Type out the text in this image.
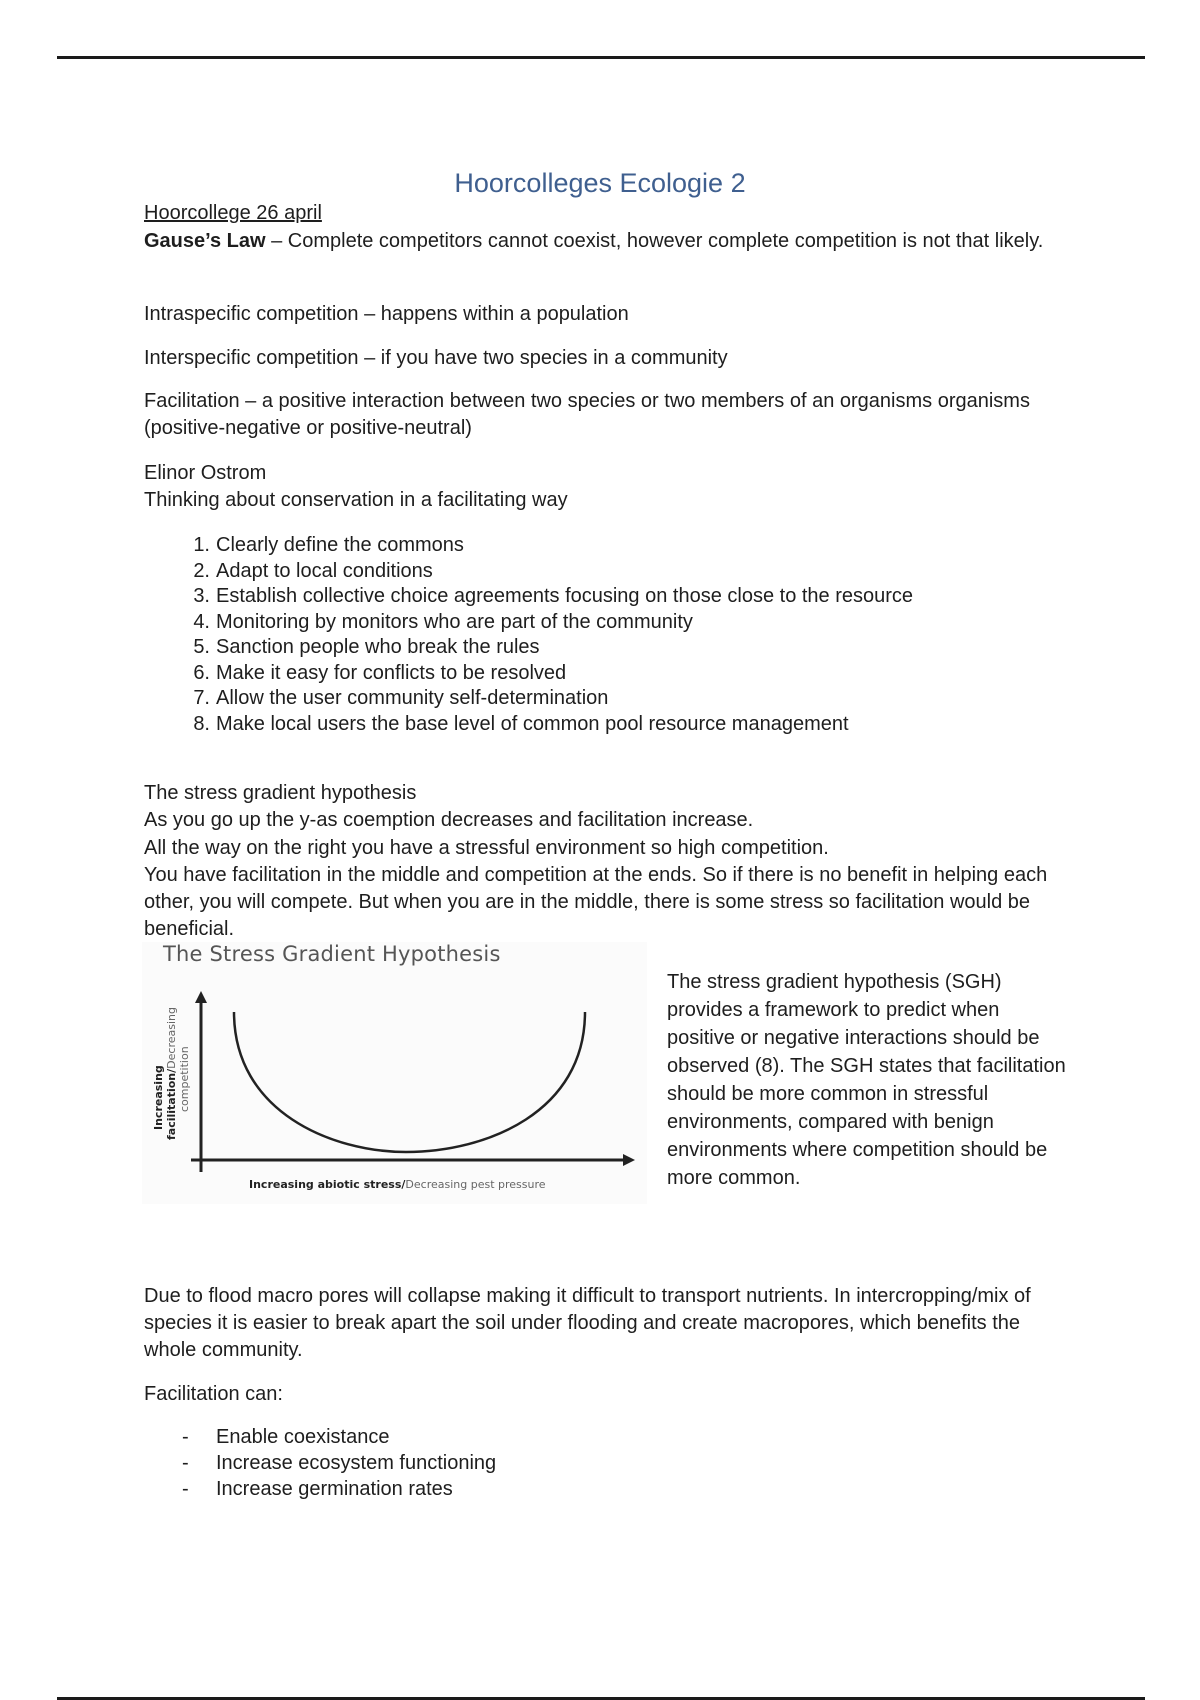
Hoorcolleges Ecologie 2
Hoorcollege 26 april
Gause’s Law – Complete competitors cannot coexist, however complete competition is not that likely.
Intraspecific competition – happens within a population
Interspecific competition – if you have two species in a community
Facilitation – a positive interaction between two species or two members of an organisms organisms (positive-negative or positive-neutral)
Elinor Ostrom
Thinking about conservation in a facilitating way
1. Clearly define the commons
2. Adapt to local conditions
3. Establish collective choice agreements focusing on those close to the resource
4. Monitoring by monitors who are part of the community
5. Sanction people who break the rules
6. Make it easy for conflicts to be resolved
7. Allow the user community self-determination
8. Make local users the base level of common pool resource management
The stress gradient hypothesis
As you go up the y-as coemption decreases and facilitation increase.
All the way on the right you have a stressful environment so high competition.
You have facilitation in the middle and competition at the ends. So if there is no benefit in helping each other, you will compete. But when you are in the middle, there is some stress so facilitation would be beneficial.
The Stress Gradient Hypothesis
Increasing abiotic stress/Decreasing pest pressure
Increasing facilitation/Decreasing
competition
The stress gradient hypothesis (SGH) provides a framework to predict when positive or negative interactions should be observed (8). The SGH states that facilitation should be more common in stressful environments, compared with benign environments where competition should be more common.
Due to flood macro pores will collapse making it difficult to transport nutrients. In intercropping/mix of species it is easier to break apart the soil under flooding and create macropores, which benefits the whole community.
Facilitation can:
- Enable coexistance
- Increase ecosystem functioning
- Increase germination rates
